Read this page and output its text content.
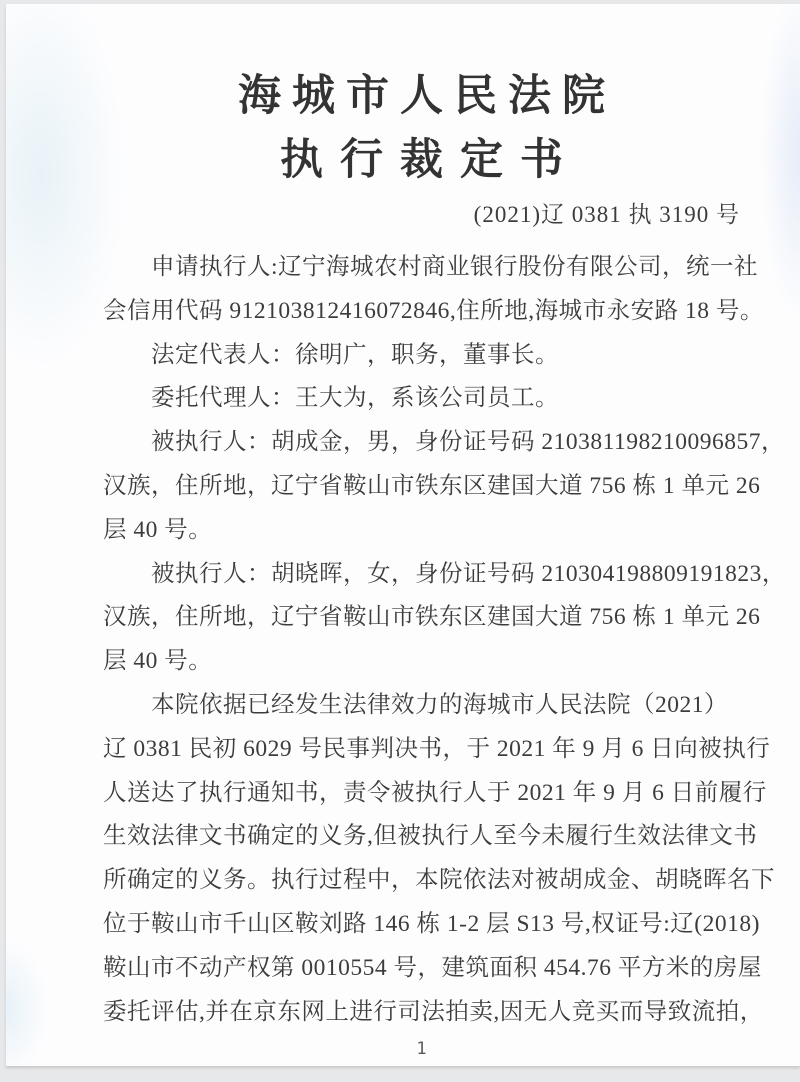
海城市人民法院
执行裁定书
(2021)辽 0381 执 3190 号
申请执行人:辽宁海城农村商业银行股份有限公司，统一社
会信用代码 912103812416072846,住所地,海城市永安路 18 号。
法定代表人：徐明广，职务，董事长。
委托代理人：王大为，系该公司员工。
被执行人：胡成金，男，身份证号码 210381198210096857，
汉族，住所地，辽宁省鞍山市铁东区建国大道 756 栋 1 单元 26
层 40 号。
被执行人：胡晓晖，女，身份证号码 210304198809191823，
汉族，住所地，辽宁省鞍山市铁东区建国大道 756 栋 1 单元 26
层 40 号。
本院依据已经发生法律效力的海城市人民法院（2021）
辽 0381 民初 6029 号民事判决书，于 2021 年 9 月 6 日向被执行
人送达了执行通知书，责令被执行人于 2021 年 9 月 6 日前履行
生效法律文书确定的义务,但被执行人至今未履行生效法律文书
所确定的义务。执行过程中，本院依法对被胡成金、胡晓晖名下
位于鞍山市千山区鞍刘路 146 栋 1-2 层 S13 号,权证号:辽(2018)
鞍山市不动产权第 0010554 号，建筑面积 454.76 平方米的房屋
委托评估,并在京东网上进行司法拍卖,因无人竞买而导致流拍，
1
